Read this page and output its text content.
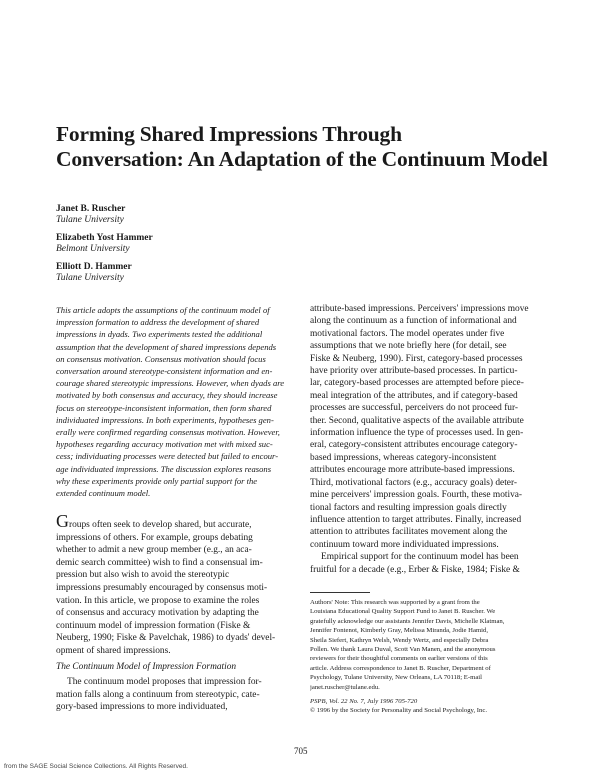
Forming Shared Impressions Through
Conversation: An Adaptation of the Continuum Model
Janet B. Ruscher
Tulane University
Elizabeth Yost Hammer
Belmont University
Elliott D. Hammer
Tulane University
This article adopts the assumptions of the continuum model of
impression formation to address the development of shared
impressions in dyads. Two experiments tested the additional
assumption that the development of shared impressions depends
on consensus motivation. Consensus motivation should focus
conversation around stereotype-consistent information and en-
courage shared stereotypic impressions. However, when dyads are
motivated by both consensus and accuracy, they should increase
focus on stereotype-inconsistent information, then form shared
individuated impressions. In both experiments, hypotheses gen-
erally were confirmed regarding consensus motivation. However,
hypotheses regarding accuracy motivation met with mixed suc-
cess; individuating processes were detected but failed to encour-
age individuated impressions. The discussion explores reasons
why these experiments provide only partial support for the
extended continuum model.
Groups often seek to develop shared, but accurate,
impressions of others. For example, groups debating
whether to admit a new group member (e.g., an aca-
demic search committee) wish to find a consensual im-
pression but also wish to avoid the stereotypic
impressions presumably encouraged by consensus moti-
vation. In this article, we propose to examine the roles
of consensus and accuracy motivation by adapting the
continuum model of impression formation (Fiske &
Neuberg, 1990; Fiske & Pavelchak, 1986) to dyads' devel-
opment of shared impressions.
The Continuum Model of Impression Formation
The continuum model proposes that impression for-
mation falls along a continuum from stereotypic, cate-
gory-based impressions to more individuated,
attribute-based impressions. Perceivers' impressions move
along the continuum as a function of informational and
motivational factors. The model operates under five
assumptions that we note briefly here (for detail, see
Fiske & Neuberg, 1990). First, category-based processes
have priority over attribute-based processes. In particu-
lar, category-based processes are attempted before piece-
meal integration of the attributes, and if category-based
processes are successful, perceivers do not proceed fur-
ther. Second, qualitative aspects of the available attribute
information influence the type of processes used. In gen-
eral, category-consistent attributes encourage category-
based impressions, whereas category-inconsistent
attributes encourage more attribute-based impressions.
Third, motivational factors (e.g., accuracy goals) deter-
mine perceivers' impression goals. Fourth, these motiva-
tional factors and resulting impression goals directly
influence attention to target attributes. Finally, increased
attention to attributes facilitates movement along the
continuum toward more individuated impressions.
Empirical support for the continuum model has been
fruitful for a decade (e.g., Erber & Fiske, 1984; Fiske &
Authors' Note: This research was supported by a grant from the
Louisiana Educational Quality Support Fund to Janet B. Ruscher. We
gratefully acknowledge our assistants Jennifer Davis, Michelle Klatman,
Jennifer Fontenot, Kimberly Gray, Melissa Miranda, Jodie Hamid,
Sheila Siefert, Kathryn Welsh, Wendy Wertz, and especially Debra
Pollen. We thank Laura Duval, Scott Van Manen, and the anonymous
reviewers for their thoughtful comments on earlier versions of this
article. Address correspondence to Janet B. Ruscher, Department of
Psychology, Tulane University, New Orleans, LA 70118; E-mail
janet.ruscher@tulane.edu.
PSPB, Vol. 22 No. 7, July 1996 705-720
© 1996 by the Society for Personality and Social Psychology, Inc.
705
from the SAGE Social Science Collections. All Rights Reserved.
